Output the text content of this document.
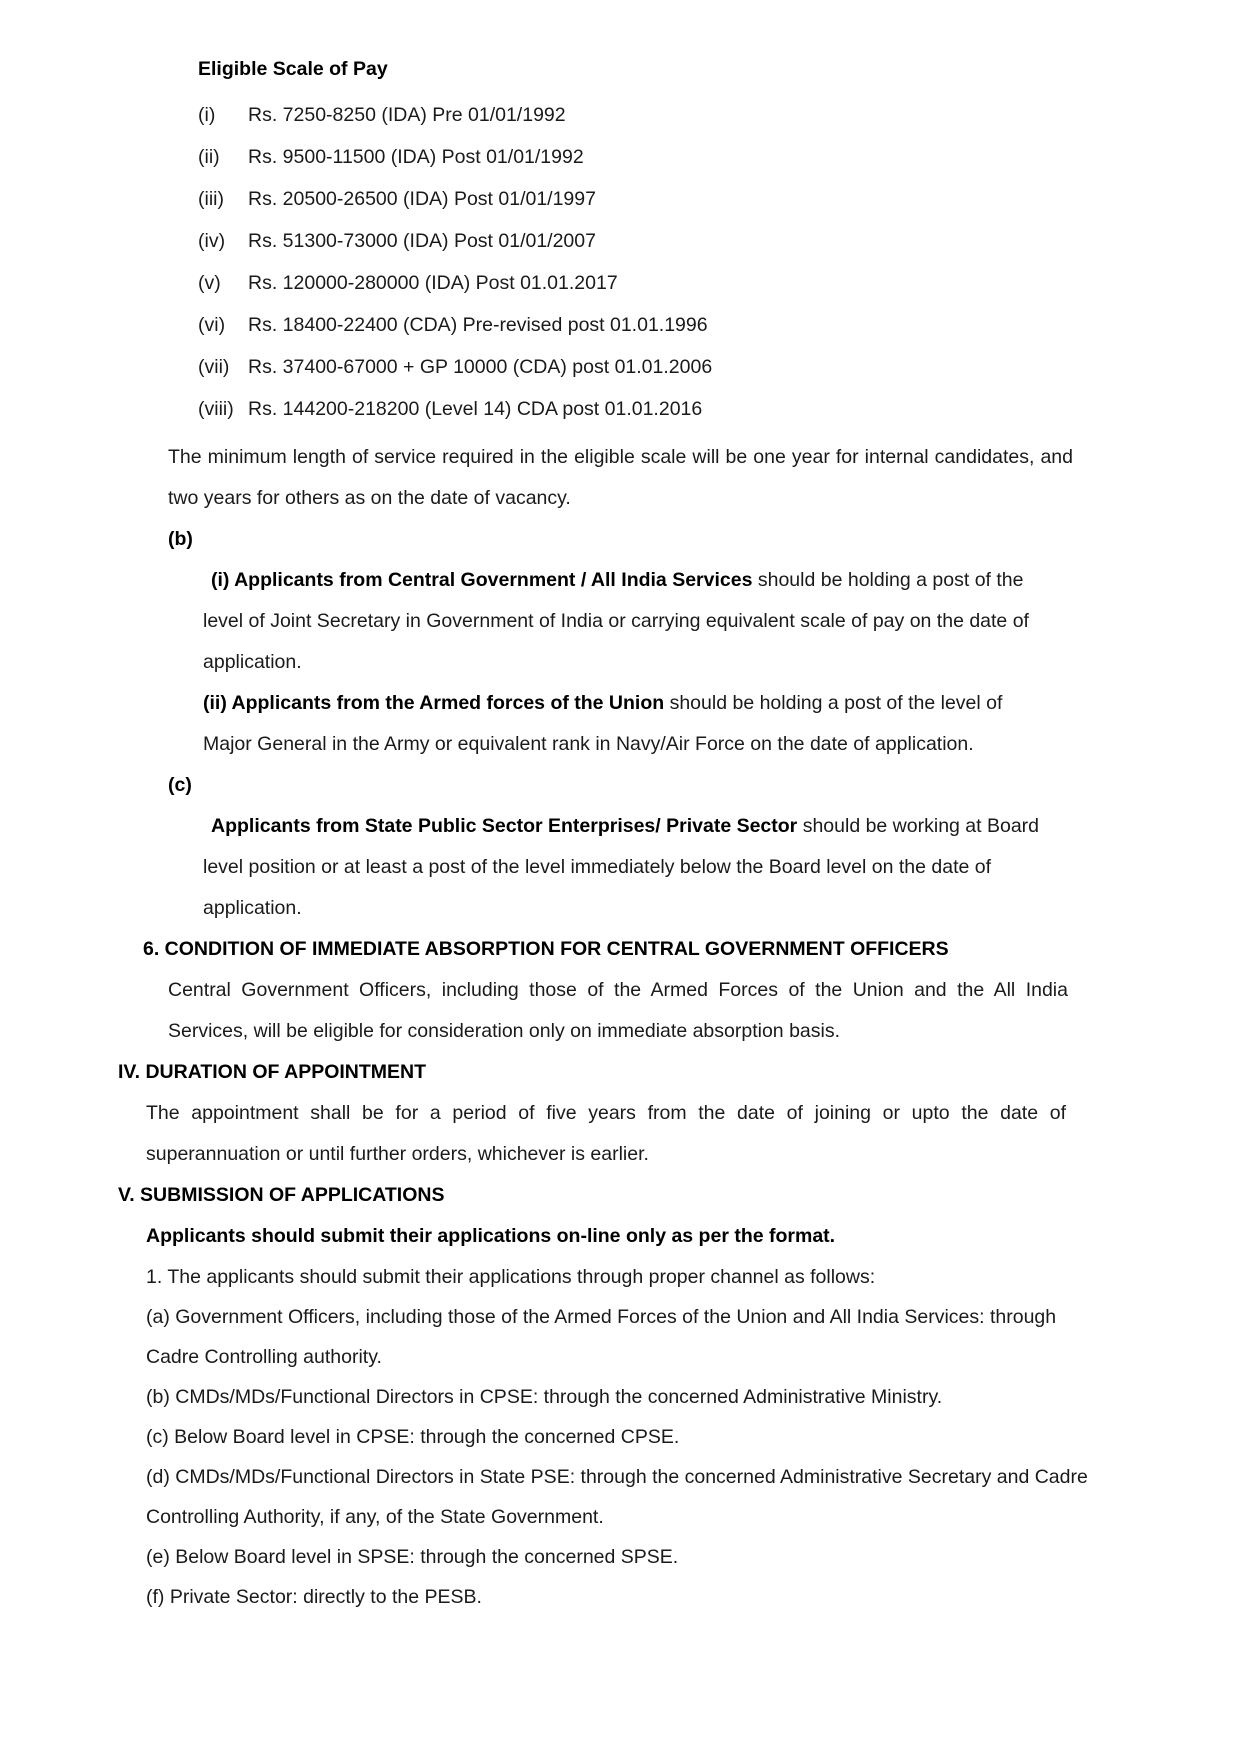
Eligible Scale of Pay
(i)	Rs. 7250-8250 (IDA) Pre 01/01/1992
(ii)	Rs. 9500-11500 (IDA) Post 01/01/1992
(iii)	Rs. 20500-26500 (IDA) Post 01/01/1997
(iv)	Rs. 51300-73000 (IDA) Post 01/01/2007
(v)	Rs. 120000-280000 (IDA) Post 01.01.2017
(vi)	Rs. 18400-22400 (CDA) Pre-revised post 01.01.1996
(vii) Rs. 37400-67000 + GP 10000 (CDA) post 01.01.2006
(viii) Rs. 144200-218200 (Level 14) CDA post 01.01.2016
The minimum length of service required in the eligible scale will be one year for internal candidates, and two years for others as on the date of vacancy.
(b)
(i) Applicants from Central Government / All India Services should be holding a post of the level of Joint Secretary in Government of India or carrying equivalent scale of pay on the date of application.
(ii) Applicants from the Armed forces of the Union should be holding a post of the level of Major General in the Army or equivalent rank in Navy/Air Force on the date of application.
(c)
Applicants from State Public Sector Enterprises/ Private Sector should be working at Board level position or at least a post of the level immediately below the Board level on the date of application.
6. CONDITION OF IMMEDIATE ABSORPTION FOR CENTRAL GOVERNMENT OFFICERS
Central Government Officers, including those of the Armed Forces of the Union and the All India Services, will be eligible for consideration only on immediate absorption basis.
IV. DURATION OF APPOINTMENT
The appointment shall be for a period of five years from the date of joining or upto the date of superannuation or until further orders, whichever is earlier.
V. SUBMISSION OF APPLICATIONS
Applicants should submit their applications on-line only as per the format.
1. The applicants should submit their applications through proper channel as follows:
(a) Government Officers, including those of the Armed Forces of the Union and All India Services: through Cadre Controlling authority.
(b) CMDs/MDs/Functional Directors in CPSE: through the concerned Administrative Ministry.
(c) Below Board level in CPSE: through the concerned CPSE.
(d) CMDs/MDs/Functional Directors in State PSE: through the concerned Administrative Secretary and Cadre Controlling Authority, if any, of the State Government.
(e) Below Board level in SPSE: through the concerned SPSE.
(f) Private Sector: directly to the PESB.
